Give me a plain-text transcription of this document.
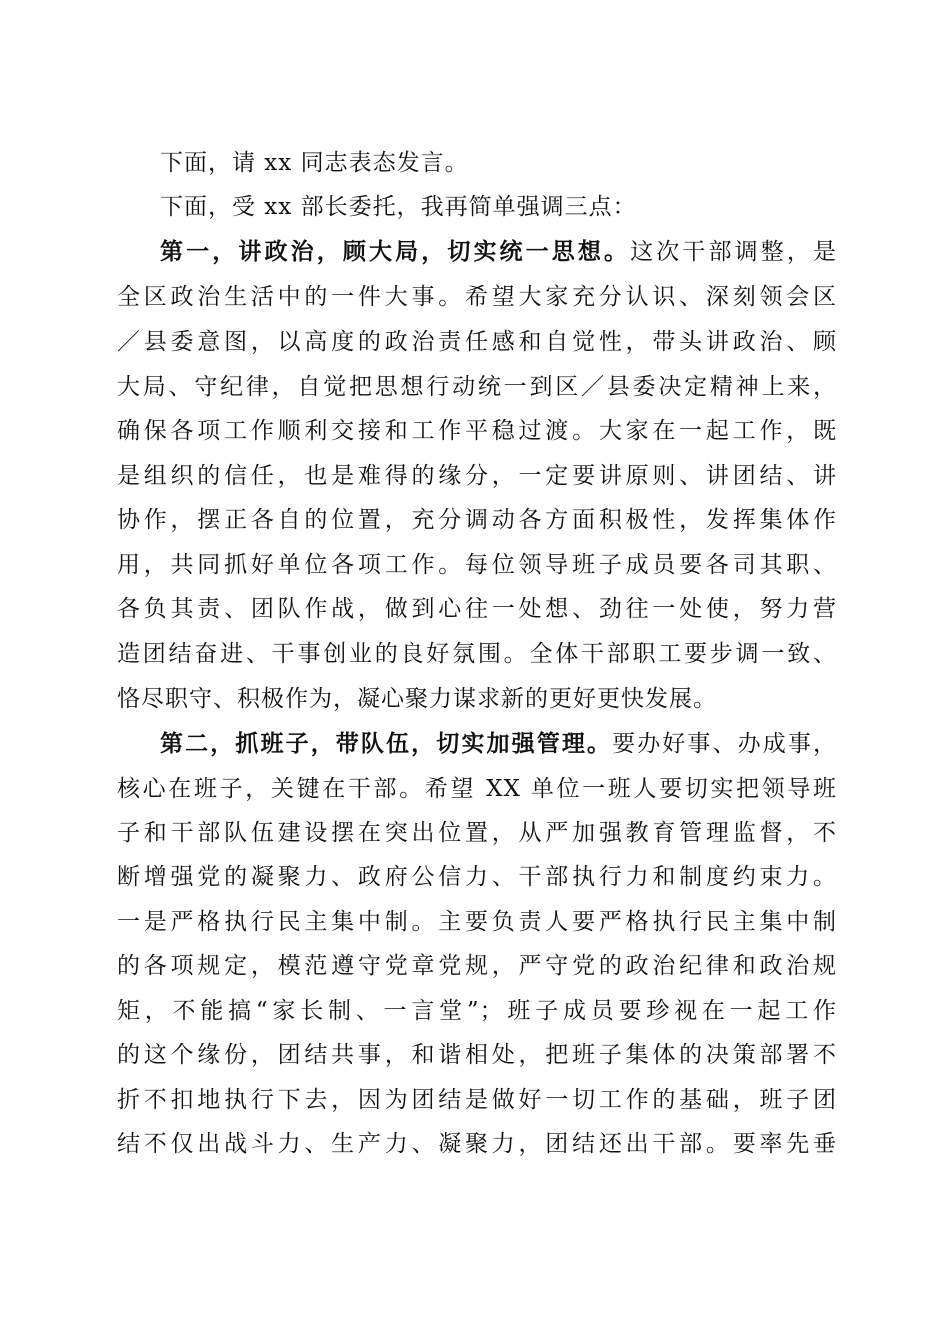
下面，请 xx 同志表态发言。
下面，受 xx 部长委托，我再简单强调三点：
第一，讲政治，顾大局，切实统一思想。这次干部调整，是
全区政治生活中的一件大事。希望大家充分认识、深刻领会区
／县委意图，以高度的政治责任感和自觉性，带头讲政治、顾
大局、守纪律，自觉把思想行动统一到区／县委决定精神上来，
确保各项工作顺利交接和工作平稳过渡。大家在一起工作，既
是组织的信任，也是难得的缘分，一定要讲原则、讲团结、讲
协作，摆正各自的位置，充分调动各方面积极性，发挥集体作
用，共同抓好单位各项工作。每位领导班子成员要各司其职、
各负其责、团队作战，做到心往一处想、劲往一处使，努力营
造团结奋进、干事创业的良好氛围。全体干部职工要步调一致、
恪尽职守、积极作为，凝心聚力谋求新的更好更快发展。
第二，抓班子，带队伍，切实加强管理。要办好事、办成事，
核心在班子，关键在干部。希望 XX 单位一班人要切实把领导班
子和干部队伍建设摆在突出位置，从严加强教育管理监督，不
断增强党的凝聚力、政府公信力、干部执行力和制度约束力。
一是严格执行民主集中制。主要负责人要严格执行民主集中制
的各项规定，模范遵守党章党规，严守党的政治纪律和政治规
矩，不能搞“家长制、一言堂”；班子成员要珍视在一起工作
的这个缘份，团结共事，和谐相处，把班子集体的决策部署不
折不扣地执行下去，因为团结是做好一切工作的基础，班子团
结不仅出战斗力、生产力、凝聚力，团结还出干部。要率先垂
